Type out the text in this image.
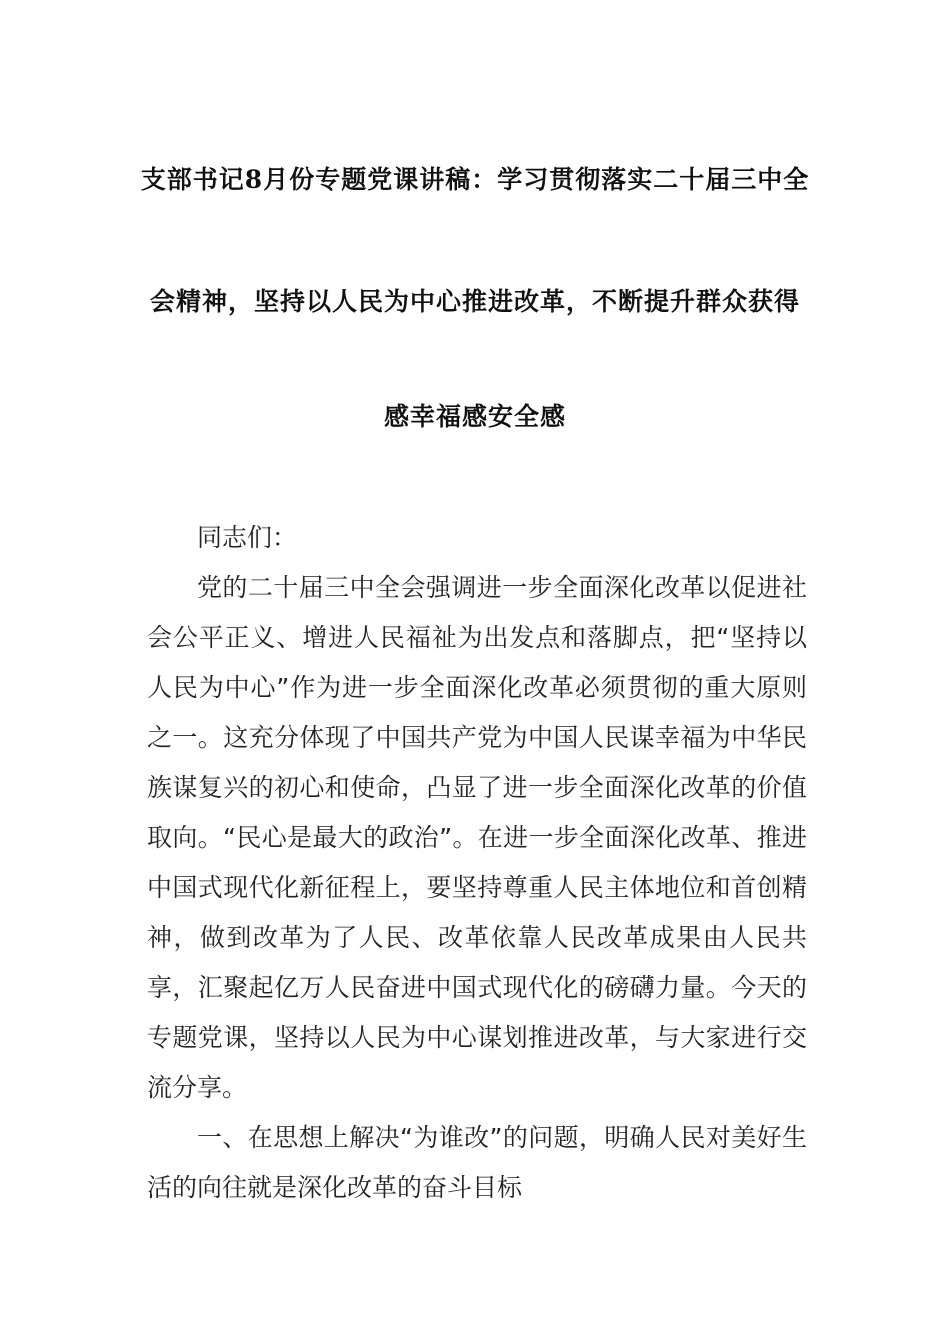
支部书记8月份专题党课讲稿：学习贯彻落实二十届三中全
会精神，坚持以人民为中心推进改革，不断提升群众获得
感幸福感安全感

同志们：

党的二十届三中全会强调进一步全面深化改革以促进社会公平正义、增进人民福祉为出发点和落脚点，把“坚持以人民为中心”作为进一步全面深化改革必须贯彻的重大原则之一。这充分体现了中国共产党为中国人民谋幸福为中华民族谋复兴的初心和使命，凸显了进一步全面深化改革的价值取向。“民心是最大的政治”。在进一步全面深化改革、推进中国式现代化新征程上，要坚持尊重人民主体地位和首创精神，做到改革为了人民、改革依靠人民改革成果由人民共享，汇聚起亿万人民奋进中国式现代化的磅礴力量。今天的专题党课，坚持以人民为中心谋划推进改革，与大家进行交流分享。

一、在思想上解决“为谁改”的问题，明确人民对美好生活的向往就是深化改革的奋斗目标
